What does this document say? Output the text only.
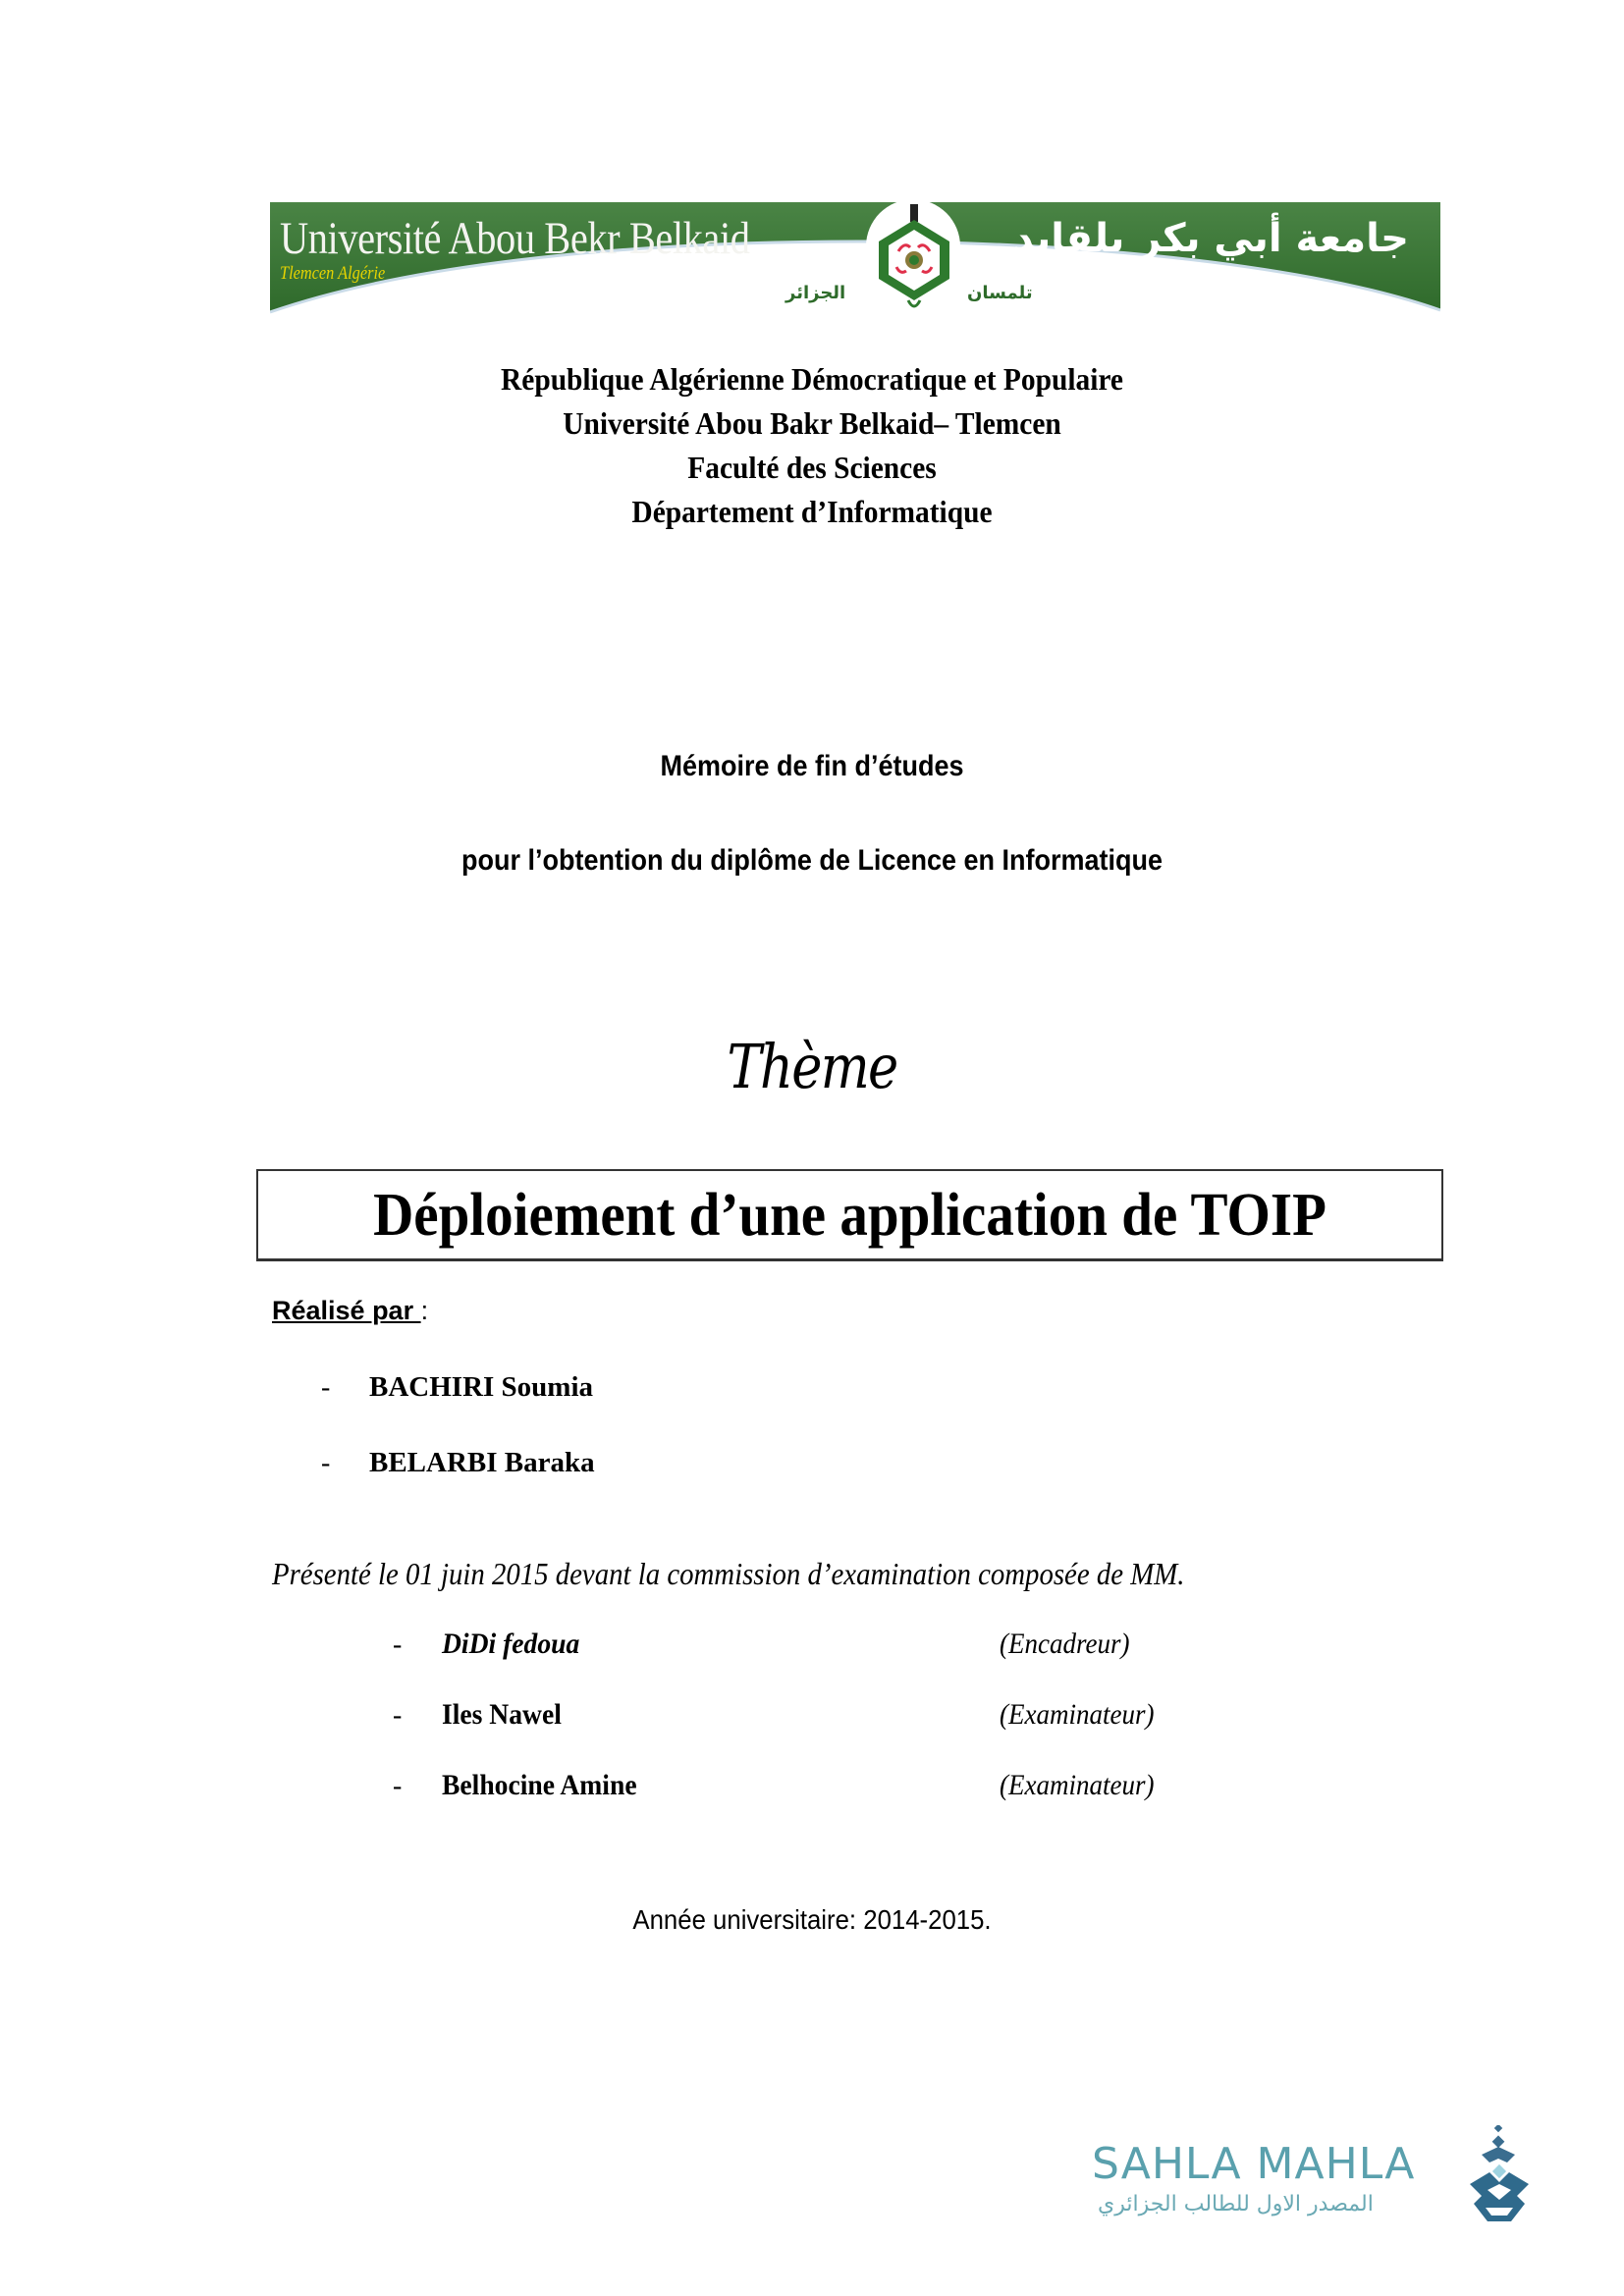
Université Abou Bekr Belkaid
Tlemcen Algérie
جامعة أبي بكر بلقايد
الجزائر	تلمسان
République Algérienne Démocratique et Populaire
Université Abou Bakr Belkaid– Tlemcen
Faculté des Sciences
Département d’Informatique
Mémoire de fin d’études
pour l’obtention du diplôme de Licence en Informatique
Thème
Déploiement d’une application de TOIP
Réalisé par :
- BACHIRI Soumia
- BELARBI Baraka
Présenté le 01 juin 2015 devant la commission d’examination composée de MM.
- DiDi fedoua	(Encadreur)
- Iles Nawel	(Examinateur)
- Belhocine Amine	(Examinateur)
Année universitaire: 2014-2015.
SAHLA MAHLA
المصدر الاول للطالب الجزائري
